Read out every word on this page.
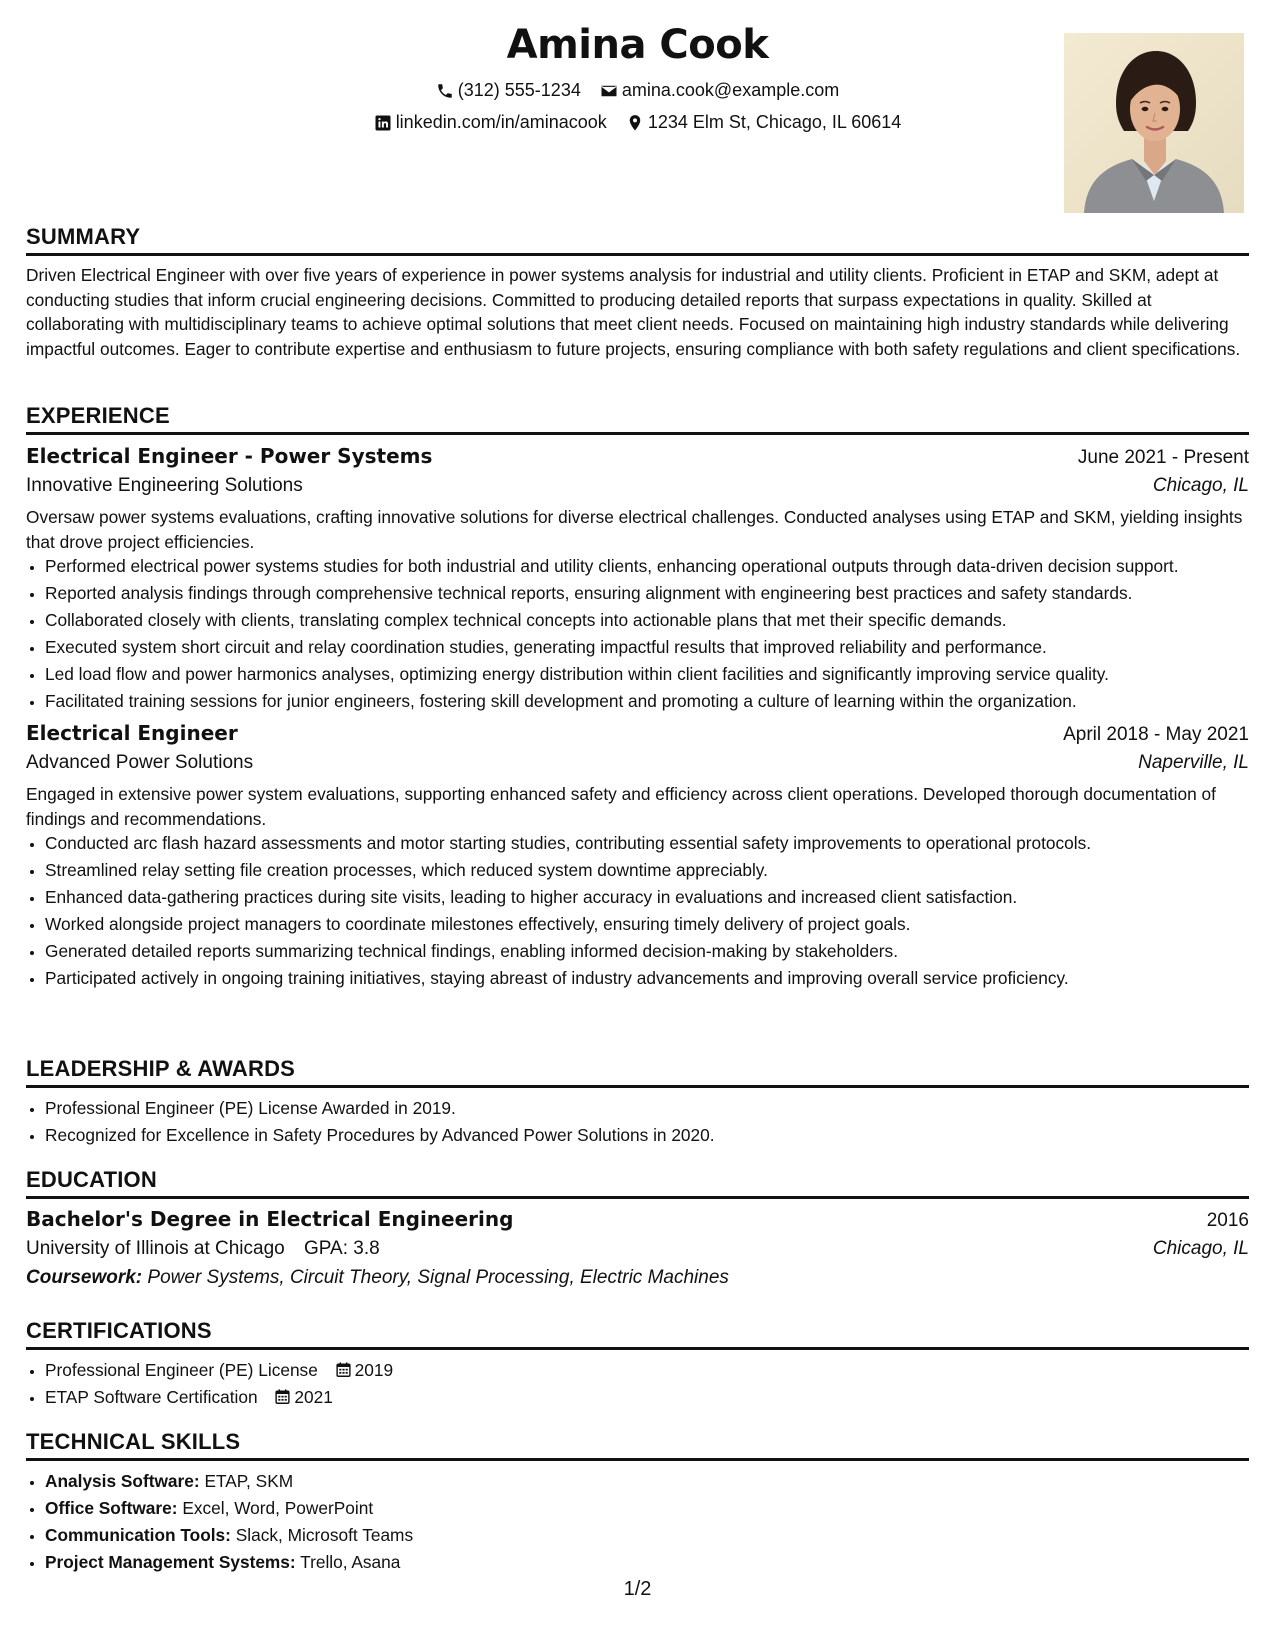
Amina Cook
(312) 555-1234
amina.cook@example.com
linkedin.com/in/aminacook
1234 Elm St, Chicago, IL 60614
SUMMARY

Driven Electrical Engineer with over five years of experience in power systems analysis for industrial and utility clients. Proficient in ETAP and SKM, adept at conducting studies that inform crucial engineering decisions. Committed to producing detailed reports that surpass expectations in quality. Skilled at collaborating with multidisciplinary teams to achieve optimal solutions that meet client needs. Focused on maintaining high industry standards while delivering impactful outcomes. Eager to contribute expertise and enthusiasm to future projects, ensuring compliance with both safety regulations and client specifications.

EXPERIENCE
Electrical Engineer - Power Systems	June 2021 - Present
Innovative Engineering Solutions	Chicago, IL

Oversaw power systems evaluations, crafting innovative solutions for diverse electrical challenges. Conducted analyses using ETAP and SKM, yielding insights that drove project efficiencies.

• Performed electrical power systems studies for both industrial and utility clients, enhancing operational outputs through data-driven decision support.
• Reported analysis findings through comprehensive technical reports, ensuring alignment with engineering best practices and safety standards.
• Collaborated closely with clients, translating complex technical concepts into actionable plans that met their specific demands.
• Executed system short circuit and relay coordination studies, generating impactful results that improved reliability and performance.
• Led load flow and power harmonics analyses, optimizing energy distribution within client facilities and significantly improving service quality.
• Facilitated training sessions for junior engineers, fostering skill development and promoting a culture of learning within the organization.
Electrical Engineer	April 2018 - May 2021
Advanced Power Solutions	Naperville, IL

Engaged in extensive power system evaluations, supporting enhanced safety and efficiency across client operations. Developed thorough documentation of findings and recommendations.

• Conducted arc flash hazard assessments and motor starting studies, contributing essential safety improvements to operational protocols.
• Streamlined relay setting file creation processes, which reduced system downtime appreciably.
• Enhanced data-gathering practices during site visits, leading to higher accuracy in evaluations and increased client satisfaction.
• Worked alongside project managers to coordinate milestones effectively, ensuring timely delivery of project goals.
• Generated detailed reports summarizing technical findings, enabling informed decision-making by stakeholders.
• Participated actively in ongoing training initiatives, staying abreast of industry advancements and improving overall service proficiency.
LEADERSHIP & AWARDS
• Professional Engineer (PE) License Awarded in 2019.
• Recognized for Excellence in Safety Procedures by Advanced Power Solutions in 2020.
EDUCATION
Bachelor's Degree in Electrical Engineering	2016
University of Illinois at Chicago GPA: 3.8	Chicago, IL
Coursework: Power Systems, Circuit Theory, Signal Processing, Electric Machines
CERTIFICATIONS
• Professional Engineer (PE) License 2019
• ETAP Software Certification 2021
TECHNICAL SKILLS
• Analysis Software: ETAP, SKM
• Office Software: Excel, Word, PowerPoint
• Communication Tools: Slack, Microsoft Teams
• Project Management Systems: Trello, Asana
1/2
